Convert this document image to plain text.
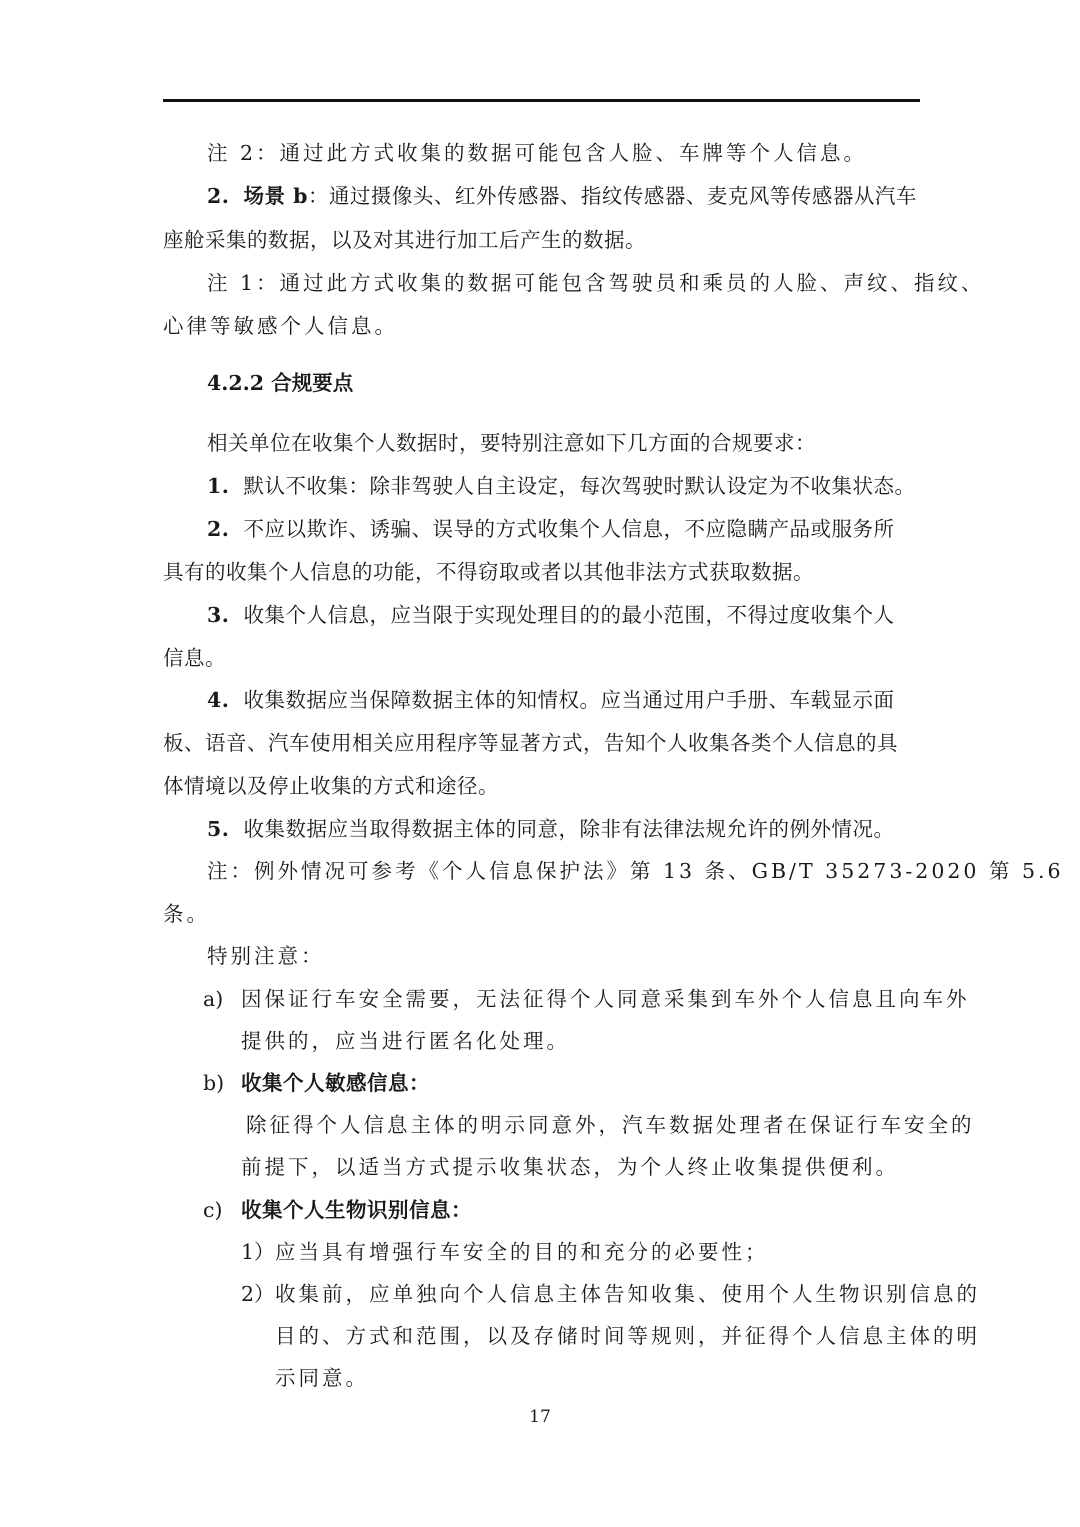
注 2：通过此方式收集的数据可能包含人脸、车牌等个人信息。
2. 场景 b：通过摄像头、红外传感器、指纹传感器、麦克风等传感器从汽车
座舱采集的数据，以及对其进行加工后产生的数据。
注 1：通过此方式收集的数据可能包含驾驶员和乘员的人脸、声纹、指纹、
心律等敏感个人信息。
4.2.2 合规要点
相关单位在收集个人数据时，要特别注意如下几方面的合规要求：
1. 默认不收集：除非驾驶人自主设定，每次驾驶时默认设定为不收集状态。
2. 不应以欺诈、诱骗、误导的方式收集个人信息，不应隐瞒产品或服务所
具有的收集个人信息的功能，不得窃取或者以其他非法方式获取数据。
3. 收集个人信息，应当限于实现处理目的的最小范围，不得过度收集个人
信息。
4. 收集数据应当保障数据主体的知情权。应当通过用户手册、车载显示面
板、语音、汽车使用相关应用程序等显著方式，告知个人收集各类个人信息的具
体情境以及停止收集的方式和途径。
5. 收集数据应当取得数据主体的同意，除非有法律法规允许的例外情况。
注：例外情况可参考《个人信息保护法》第 13 条、GB/T 35273-2020 第 5.6
条。
特别注意：
a) 因保证行车安全需要，无法征得个人同意采集到车外个人信息且向车外
提供的，应当进行匿名化处理。
b) 收集个人敏感信息：
除征得个人信息主体的明示同意外，汽车数据处理者在保证行车安全的
前提下，以适当方式提示收集状态，为个人终止收集提供便利。
c) 收集个人生物识别信息：
1） 应当具有增强行车安全的目的和充分的必要性；
2） 收集前，应单独向个人信息主体告知收集、使用个人生物识别信息的
目的、方式和范围，以及存储时间等规则，并征得个人信息主体的明
示同意。
17
